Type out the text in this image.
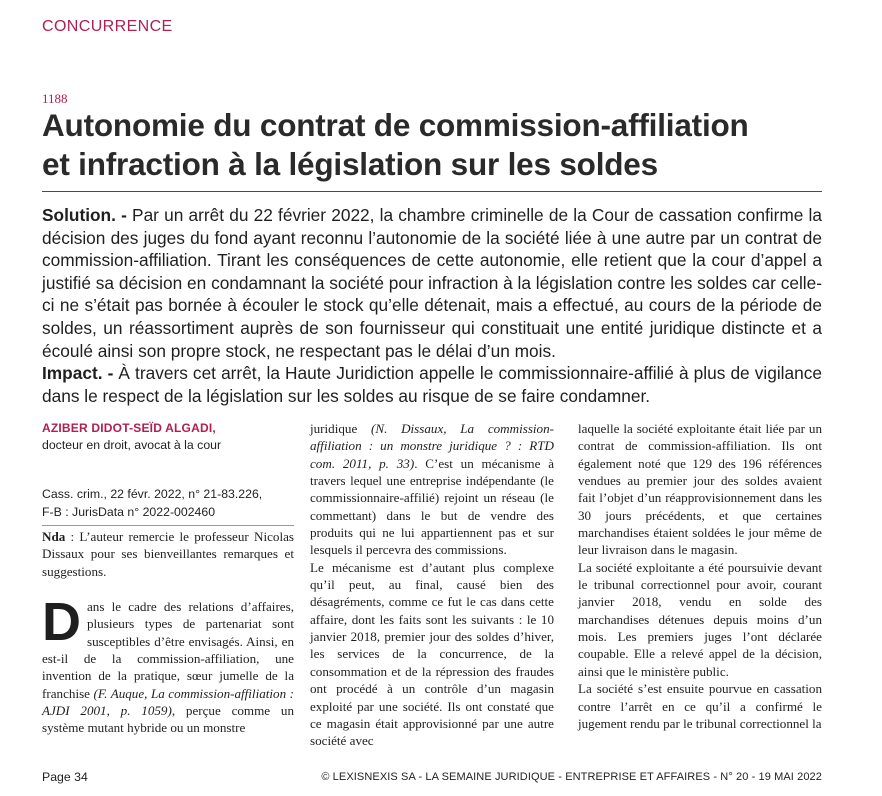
CONCURRENCE
1188
Autonomie du contrat de commission-affiliation
et infraction à la législation sur les soldes

Solution. - Par un arrêt du 22 février 2022, la chambre criminelle de la Cour de cassation confirme la décision des juges du fond ayant reconnu l’autonomie de la société liée à une autre par un contrat de commission-affiliation. Tirant les conséquences de cette autonomie, elle retient que la cour d’appel a justifié sa décision en condamnant la société pour infraction à la législation contre les soldes car celle-ci ne s’était pas bornée à écouler le stock qu’elle détenait, mais a effectué, au cours de la période de soldes, un réassortiment auprès de son fournisseur qui constituait une entité juridique distincte et a écoulé ainsi son propre stock, ne respectant pas le délai d’un mois.

Impact. - À travers cet arrêt, la Haute Juridiction appelle le commissionnaire-affilié à plus de vigilance dans le respect de la législation sur les soldes au risque de se faire condamner.

AZIBER DIDOT-SEÏD ALGADI,
docteur en droit, avocat à la cour
Cass. crim., 22 févr. 2022, n° 21-83.226,
F-B : JurisData n° 2022-002460

Nda : L’auteur remercie le professeur Nicolas Dissaux pour ses bienveillantes remarques et suggestions.

Dans le cadre des relations d’affaires, plusieurs types de partenariat sont susceptibles d’être envisagés. Ainsi, en est-il de la commission-affiliation, une invention de la pratique, sœur jumelle de la franchise (F. Auque, La commission-affiliation : AJDI 2001, p. 1059), perçue comme un système mutant hybride ou un monstre

juridique (N. Dissaux, La commission-affiliation : un monstre juridique ? : RTD com. 2011, p. 33). C’est un mécanisme à travers lequel une entreprise indépendante (le commissionnaire-affilié) rejoint un réseau (le commettant) dans le but de vendre des produits qui ne lui appartiennent pas et sur lesquels il percevra des commissions.

Le mécanisme est d’autant plus complexe qu’il peut, au final, causé bien des désagréments, comme ce fut le cas dans cette affaire, dont les faits sont les suivants : le 10 janvier 2018, premier jour des soldes d’hiver, les services de la concurrence, de la consommation et de la répression des fraudes ont procédé à un contrôle d’un magasin exploité par une société. Ils ont constaté que ce magasin était approvisionné par une autre société avec

laquelle la société exploitante était liée par un contrat de commission-affiliation. Ils ont également noté que 129 des 196 références vendues au premier jour des soldes avaient fait l’objet d’un réapprovisionnement dans les 30 jours précédents, et que certaines marchandises étaient soldées le jour même de leur livraison dans le magasin.

La société exploitante a été poursuivie devant le tribunal correctionnel pour avoir, courant janvier 2018, vendu en solde des marchandises détenues depuis moins d’un mois. Les premiers juges l’ont déclarée coupable. Elle a relevé appel de la décision, ainsi que le ministère public.

La société s’est ensuite pourvue en cassation contre l’arrêt en ce qu’il a confirmé le jugement rendu par le tribunal correctionnel la

Page 34	© LEXISNEXIS SA - LA SEMAINE JURIDIQUE - ENTREPRISE ET AFFAIRES - N° 20 - 19 MAI 2022
